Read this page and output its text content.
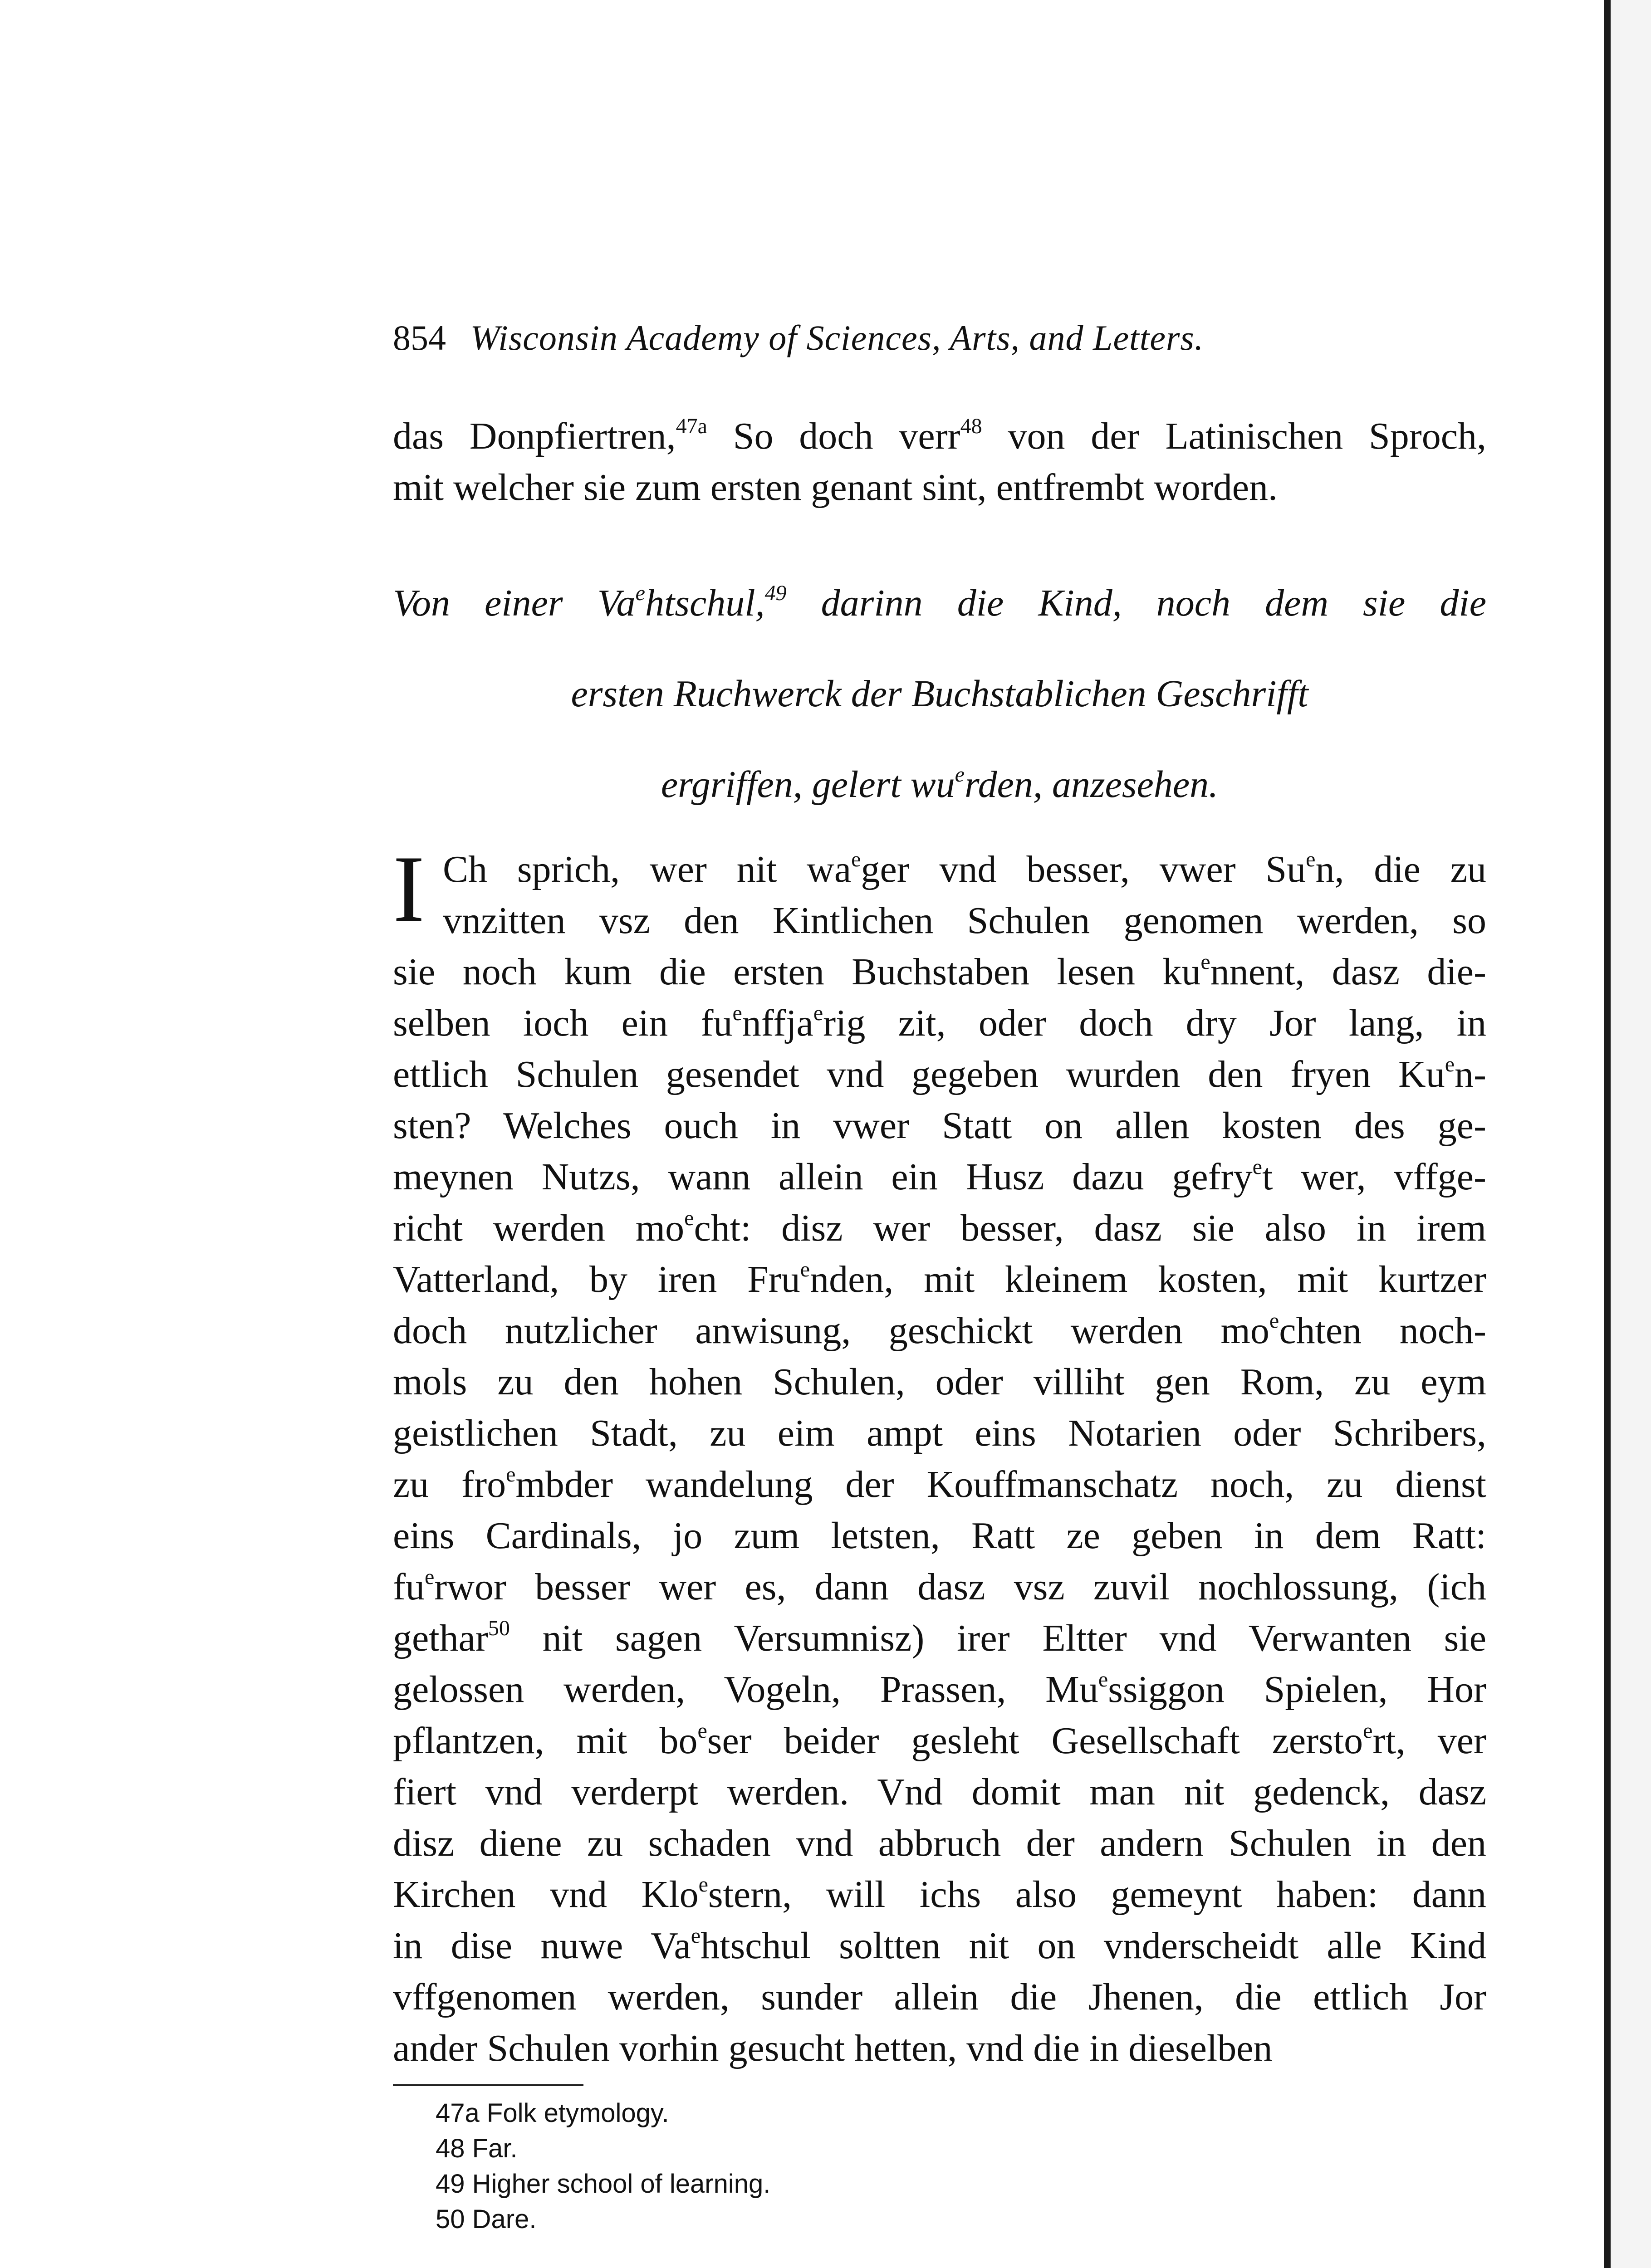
854 Wisconsin Academy of Sciences, Arts, and Letters.
das Donpfiertren,$^{47a}$ So doch verr$^{48}$ von der Latinischen Sproch,
mit welcher sie zum ersten genant sint, entfrembt worden.
Von einer Va$^e$htschul,$^{49}$ darinn die Kind, noch dem sie die
ersten Ruchwerck der Buchstablichen Geschrifft
ergriffen, gelert $wu^erden$, anzesehen.
I Ch sprich, wer nit $wa^eger$ vnd besser, vwer Su$^e$n, die zu
vnzitten vsz den Kintlichen Schulen genomen werden, so
sie noch kum die ersten Buchstaben lesen $ku^ennent$, dasz die-
selben ioch ein $fu^enffja^erig$ zit, oder doch dry Jor lang, in
ettlich Schulen gesendet vnd gegeben wurden den fryen Ku$^e$n-
sten? Welches ouch in vwer Statt on allen kosten des ge-
meynen Nutzs, wann allein ein Husz dazu gefry$^e$t wer, vffge-
richt werden $mo^echt$: disz wer besser, dasz sie also in irem
Vatterland, by iren Fru$^e$nden, mit kleinem kosten, mit kurtzer
doch nutzlicher anwisung, geschickt werden $mo^echten$ noch-
mols zu den hohen Schulen, oder villiht gen Rom, zu eym
geistlichen Stadt, zu eim ampt eins Notarien oder Schribers,
zu fro$^e$mbder wandelung der Kouffmanschatz noch, zu dienst
eins Cardinals, jo zum letsten, Ratt ze geben in dem Ratt:
$fu^erwor$ besser wer es, dann dasz vsz zuvil nochlossung, (ich
gethar$^{50}$ nit sagen Versumnisz) irer Eltter vnd Verwanten sie
gelossen werden, Vogeln, Prassen, Mu$^e$ssiggon Spielen, Hor
pflantzen, mit $bo^eser$ beider gesleht Gesellschaft zersto$^e$rt, ver
fiert vnd verderpt werden. Vnd domit man nit gedenck, dasz
disz diene zu schaden vnd abbruch der andern Schulen in den
Kirchen vnd Klo$^e$stern, will ichs also gemeynt haben: dann
in dise nuwe Va$^e$htschul soltten nit on vnderscheidt alle Kind
vffgenomen werden, sunder allein die Jhenen, die ettlich Jor
ander Schulen vorhin gesucht hetten, vnd die in dieselben
47a Folk etymology.
48 Far.
49 Higher school of learning.
50 Dare.
